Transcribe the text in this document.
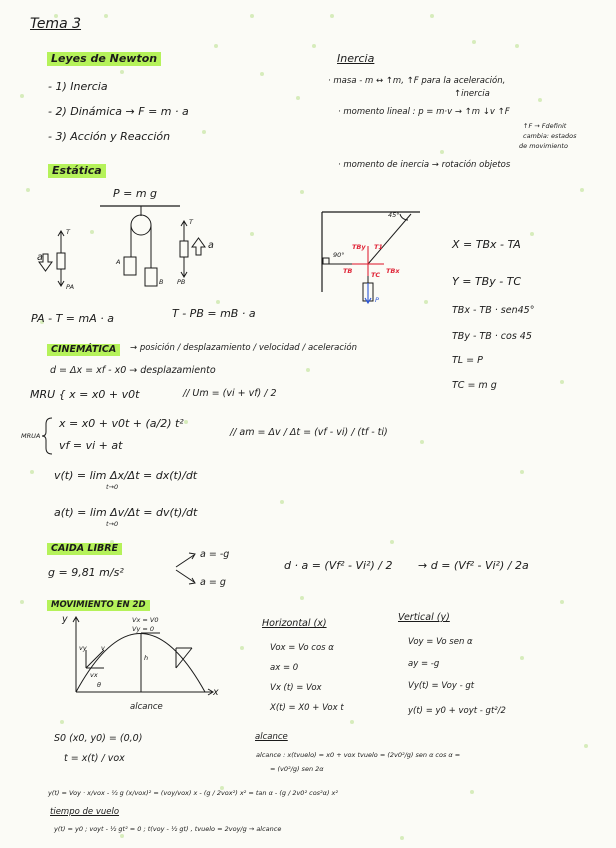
Tema 3
Leyes de Newton
- 1) Inercia
- 2) Dinámica → F = m · a
- 3) Acción y Reacción
Inercia
· masa - m ↔ ↑m, ↑F para la aceleración,
↑inercia
· momento lineal : p = m·v → ↑m ↓v ↑F
↑F → Fdefinit
cambia: estados
de movimiento
· momento de inercia → rotación objetos
Estática
P = m g
a
T
PA
A
B
T
a
PB
PA - T = mA · a	T - PB = mB · a
45°
90°
TBy T1
TB	TBx
TC
P
X = TBx - TA
Y = TBy - TC
TBx - TB · sen45°
TBy - TB · cos 45
TL = P
TC = m g
CINEMÁTICA	→ posición / desplazamiento / velocidad / aceleración
d = Δx = xf - x0 → desplazamiento
MRU { x = x0 + v0t	// Um = (vi + vf) / 2
MRUA
x = x0 + v0t + (a/2) t²
vf = vi + at
// am = Δv / Δt = (vf - vi) / (tf - ti)
v(t) = lim Δx/Δt = dx(t)/dt
t→0
a(t) = lim Δv/Δt = dv(t)/dt
t→0
CAIDA LIBRE
g = 9,81 m/s²
a = -g
a = g
d · a = (Vf² - Vi²) / 2 → d = (Vf² - Vi²) / 2a
MOVIMIENTO EN 2D
Vx = V0
Vy = 0
vy v
vx
h
y
x
θ
alcance
Horizontal (x)
Vox = Vo cos α
ax = 0
Vx (t) = Vox
X(t) = X0 + Vox t
Vertical (y)
Voy = Vo sen α
ay = -g
Vy(t) = Voy - gt
y(t) = y0 + voyt - gt²/2
S0 (x0, y0) = (0,0)
t = x(t) / vox
alcance
alcance : x(tvuelo) = x0 + vox tvuelo = (2v0²/g) sen α cos α =
= (v0²/g) sen 2α
y(t) = Voy · x/vox - ½ g (x/vox)² = (voy/vox) x - (g / 2vox²) x² = tan α - (g / 2v0² cos²α) x²
tiempo de vuelo
y(t) = y0 ; voyt - ½ gt² = 0 ; t(voy - ½ gt) , tvuelo = 2voy/g → alcance
